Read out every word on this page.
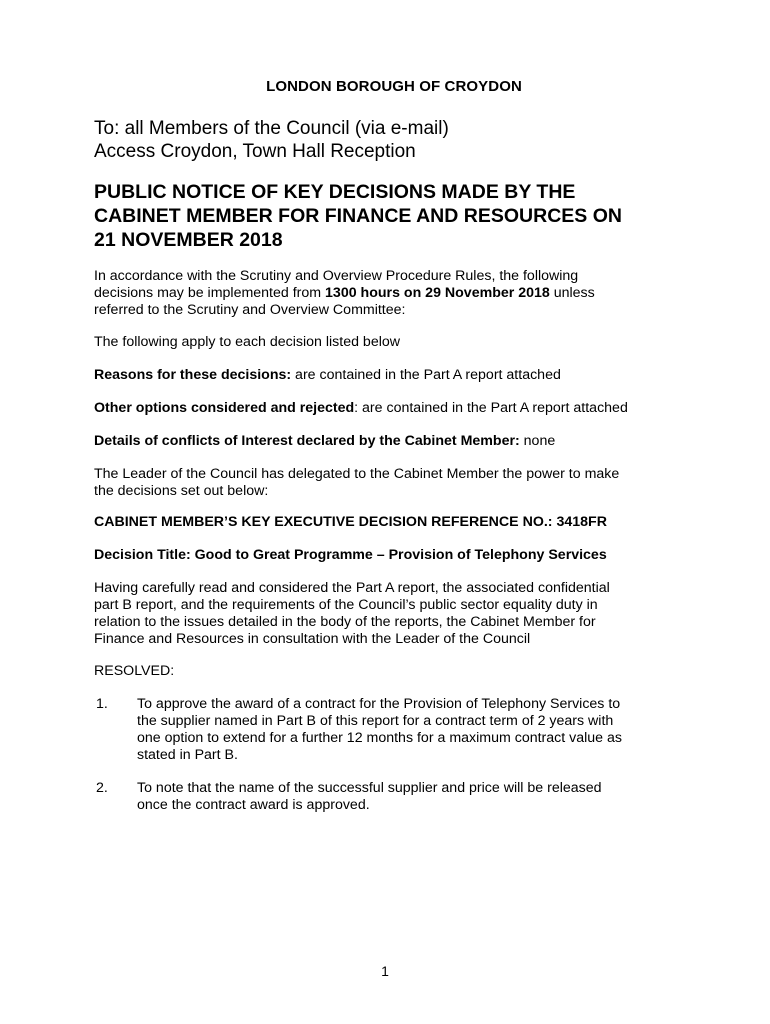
LONDON BOROUGH OF CROYDON

To: all Members of the Council (via e-mail)
Access Croydon, Town Hall Reception

PUBLIC NOTICE OF KEY DECISIONS MADE BY THE
CABINET MEMBER FOR FINANCE AND RESOURCES ON
21 NOVEMBER 2018

In accordance with the Scrutiny and Overview Procedure Rules, the following
decisions may be implemented from 1300 hours on 29 November 2018 unless
referred to the Scrutiny and Overview Committee:

The following apply to each decision listed below

Reasons for these decisions: are contained in the Part A report attached

Other options considered and rejected: are contained in the Part A report attached

Details of conflicts of Interest declared by the Cabinet Member: none

The Leader of the Council has delegated to the Cabinet Member the power to make
the decisions set out below:

CABINET MEMBER’S KEY EXECUTIVE DECISION REFERENCE NO.: 3418FR

Decision Title: Good to Great Programme – Provision of Telephony Services

Having carefully read and considered the Part A report, the associated confidential
part B report, and the requirements of the Council’s public sector equality duty in
relation to the issues detailed in the body of the reports, the Cabinet Member for
Finance and Resources in consultation with the Leader of the Council

RESOLVED:

1. To approve the award of a contract for the Provision of Telephony Services to
the supplier named in Part B of this report for a contract term of 2 years with
one option to extend for a further 12 months for a maximum contract value as
stated in Part B.
2. To note that the name of the successful supplier and price will be released
once the contract award is approved.

1
